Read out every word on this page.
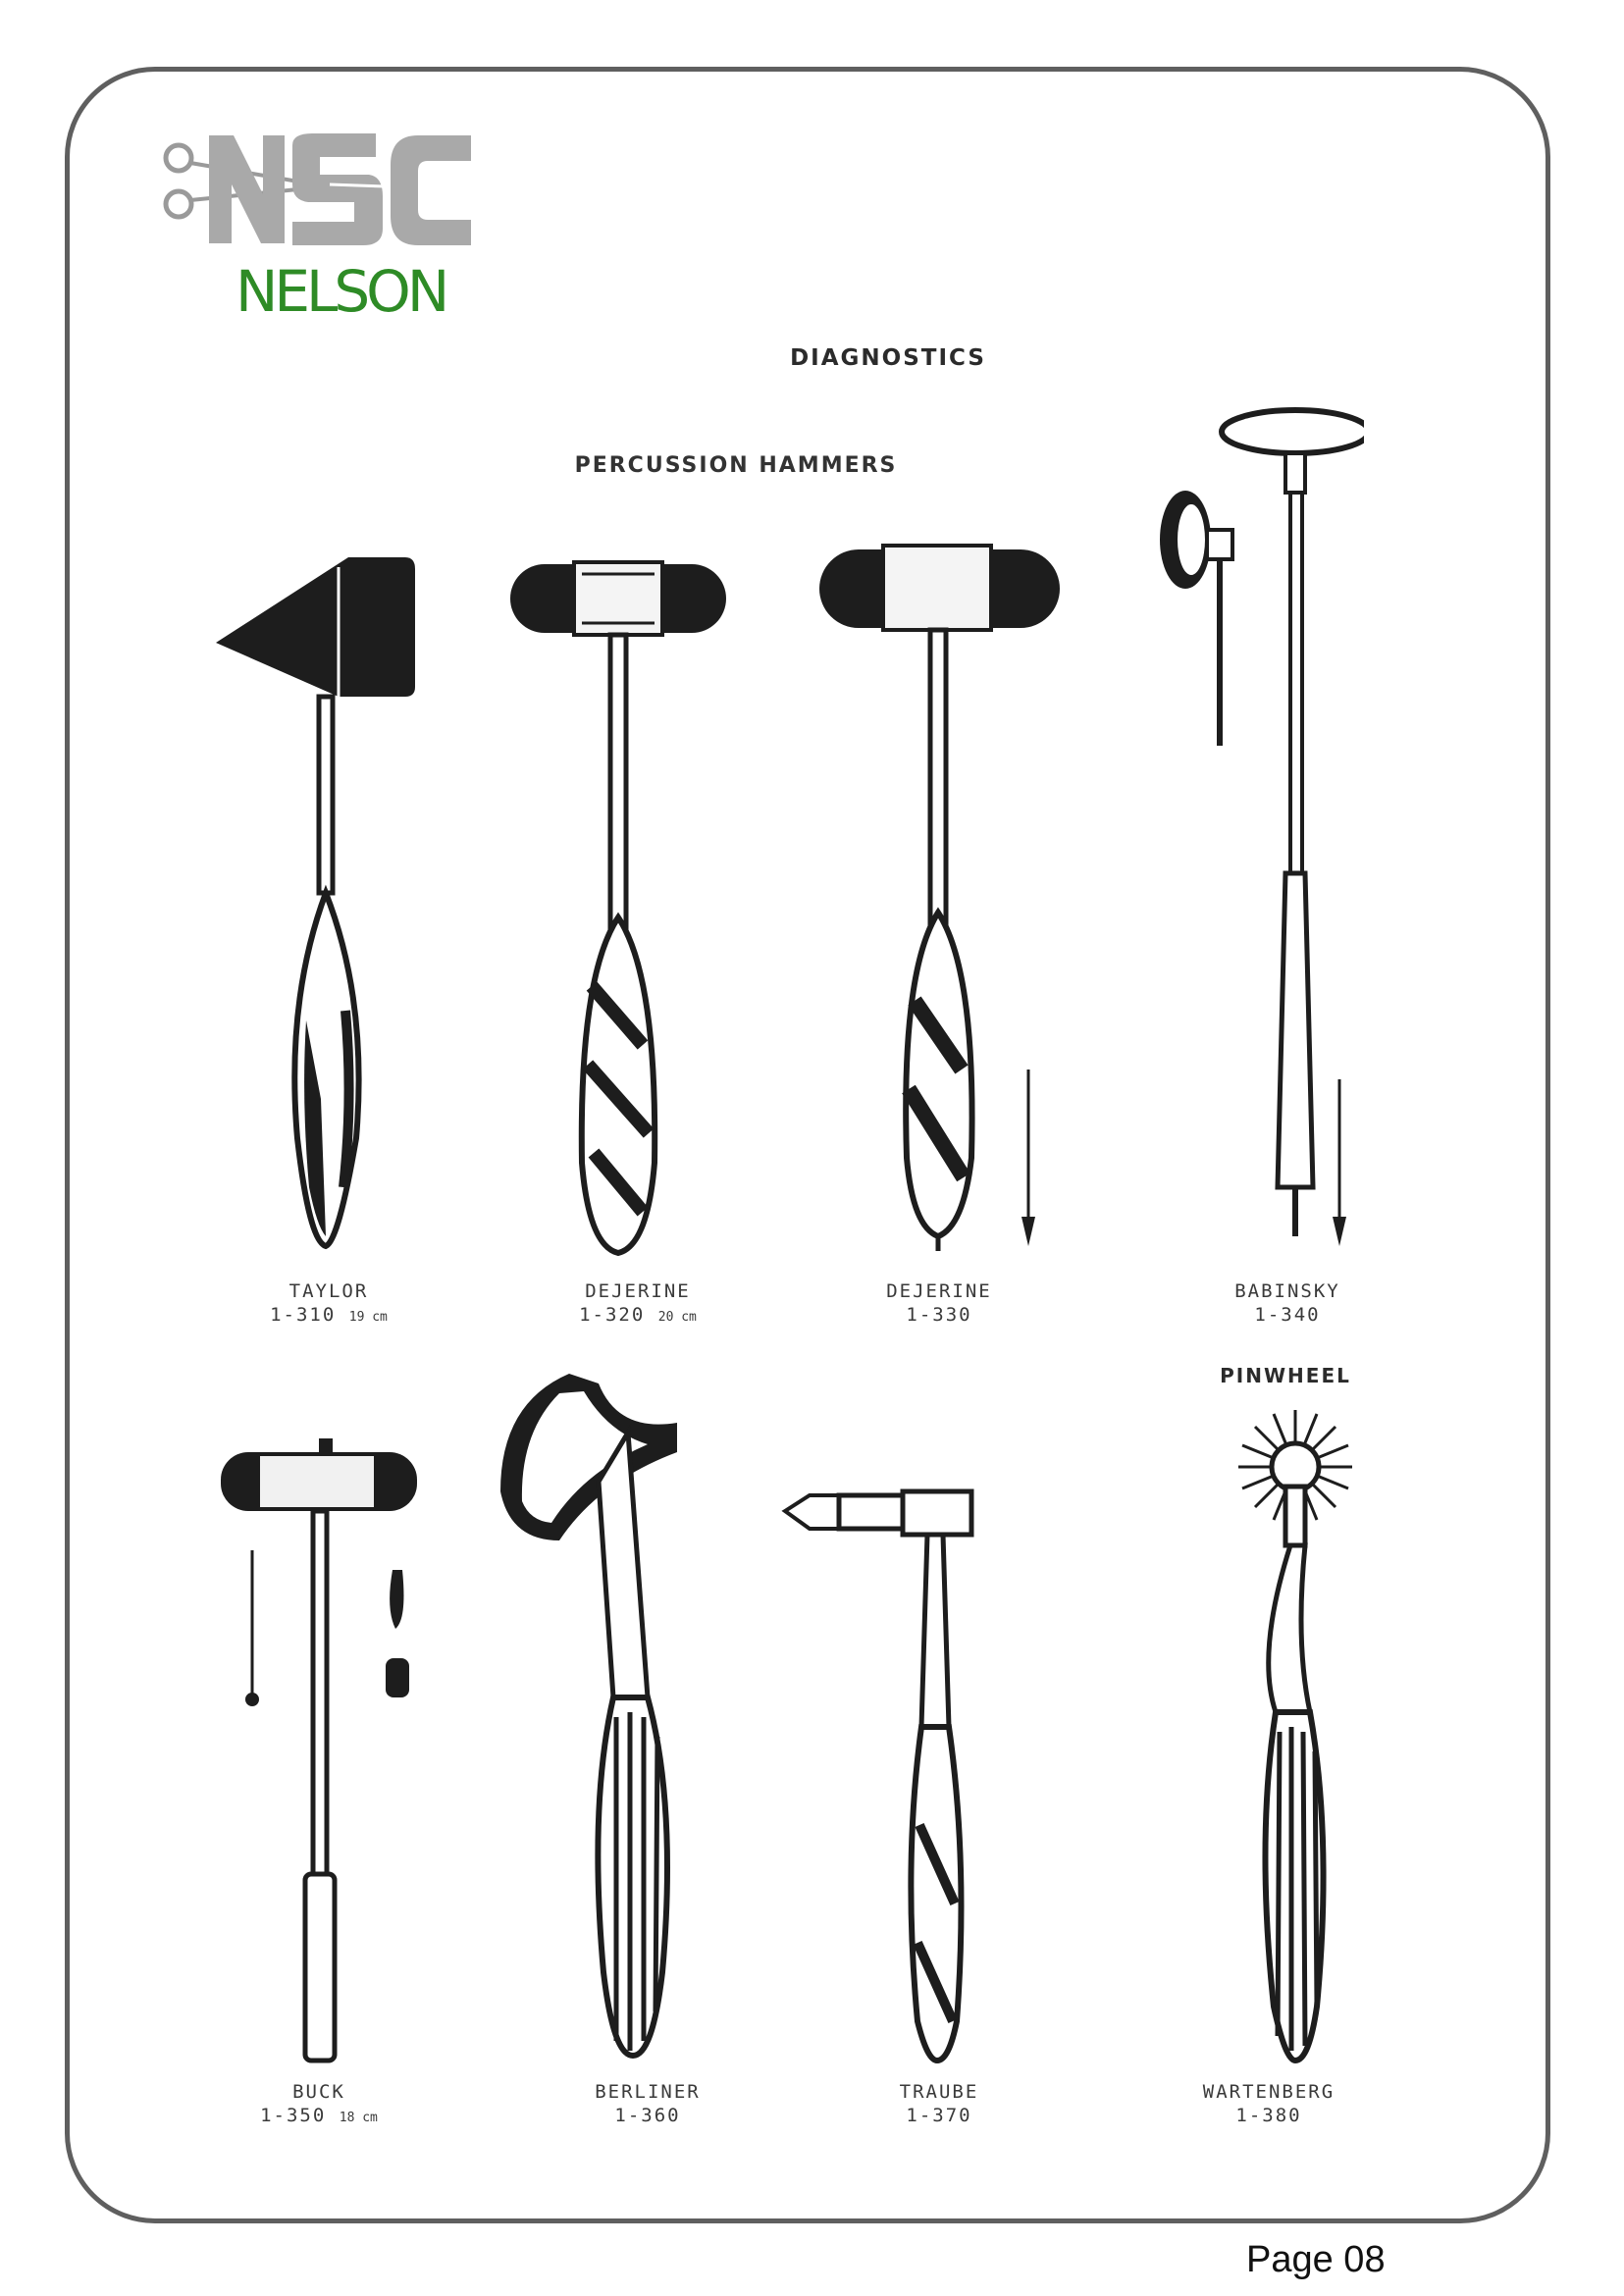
NELSON
DIAGNOSTICS
PERCUSSION HAMMERS
PINWHEEL
TAYLOR
1-310 19 cm
DEJERINE
1-320 20 cm
DEJERINE
1-330
BABINSKY
1-340
BUCK
1-350 18 cm
BERLINER
1-360
TRAUBE
1-370
WARTENBERG
1-380
Page 08
